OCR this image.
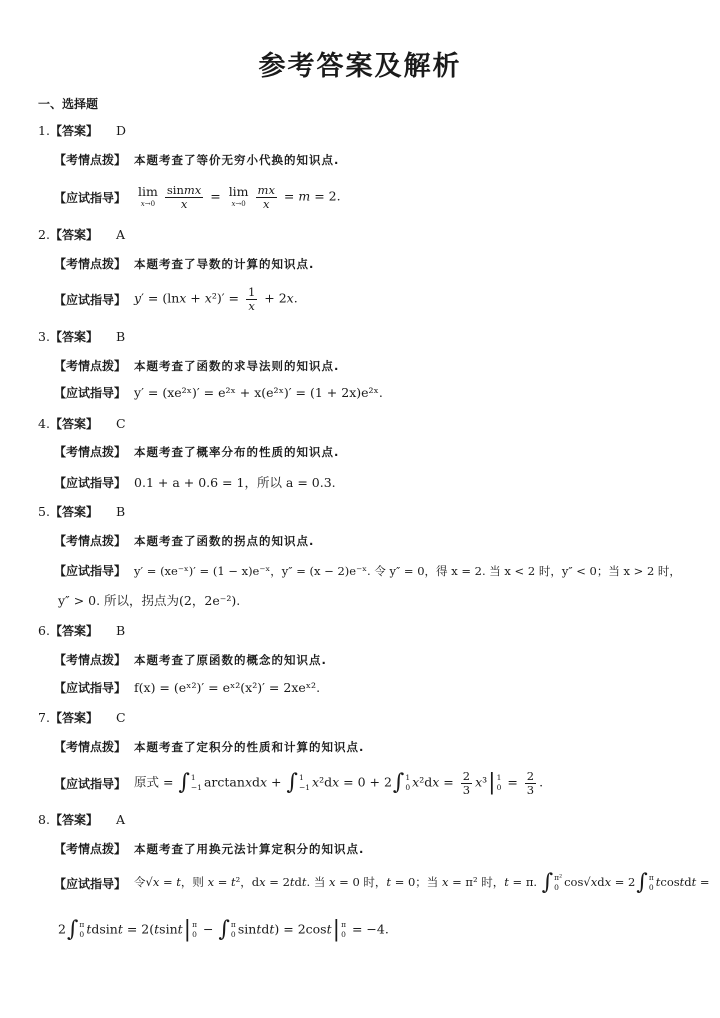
参考答案及解析
一、选择题
1. 【答案】 D
【考情点拨】 本题考查了等价无穷小代换的知识点.
【应试指导】 lim
$x\to 0 \frac{\text{sinmx}}{x} = \lim$
$x\to 0 \frac{mx}{x} = m = 2$.
2. 【答案】 A
【考情点拨】 本题考查了导数的计算的知识点.
【应试指导】 $y' = (\ln x + x^2)' = \frac{1}{x} + 2x$.
3. 【答案】 B
【考情点拨】 本题考查了函数的求导法则的知识点.
【应试指导】 y′ = (xe²ˣ)′ = e²ˣ + x(e²ˣ)′ = (1 + 2x)e²ˣ.
4. 【答案】 C
【考情点拨】 本题考查了概率分布的性质的知识点.
【应试指导】 0.1 + a + 0.6 = 1，所以 a = 0.3.
5. 【答案】 B
【考情点拨】 本题考查了函数的拐点的知识点.
【应试指导】 y′ = (xe⁻ˣ)′ = (1 − x)e⁻ˣ，y″ = (x − 2)e⁻ˣ. 令 y″ = 0，得 x = 2. 当 x < 2 时，y″ < 0；当 x > 2 时，
y″ > 0. 所以，拐点为(2，2e⁻²).
6. 【答案】 B
【考情点拨】 本题考查了原函数的概念的知识点.
【应试指导】 f(x) = (eˣ²)′ = eˣ²(x²)′ = 2xeˣ².
7. 【答案】 C
【考情点拨】 本题考查了定积分的性质和计算的知识点.
【应试指导】 原式 = ∫ 1
−1 arctanxdx + ∫ 1
−1 x²dx = 0 + 2∫ 1
0 $x^2dx = \frac{2}{3} x^3|$ 1
$0 = \frac{2}{3}$ .
8. 【答案】 A
【考情点拨】 本题考查了用换元法计算定积分的知识点.
【应试指导】 令√x = t，则 x = t²，dx = 2tdt. 当 x = 0 时，t = 0；当 x = π² 时，t = π. ∫ π²
0 cos√xdx = 2∫ π
0 tcostdt =
2∫ π
0 tdsint = 2(tsint| π
0 − ∫ π
0 sintdt) = 2cost| π
0 = −4.
